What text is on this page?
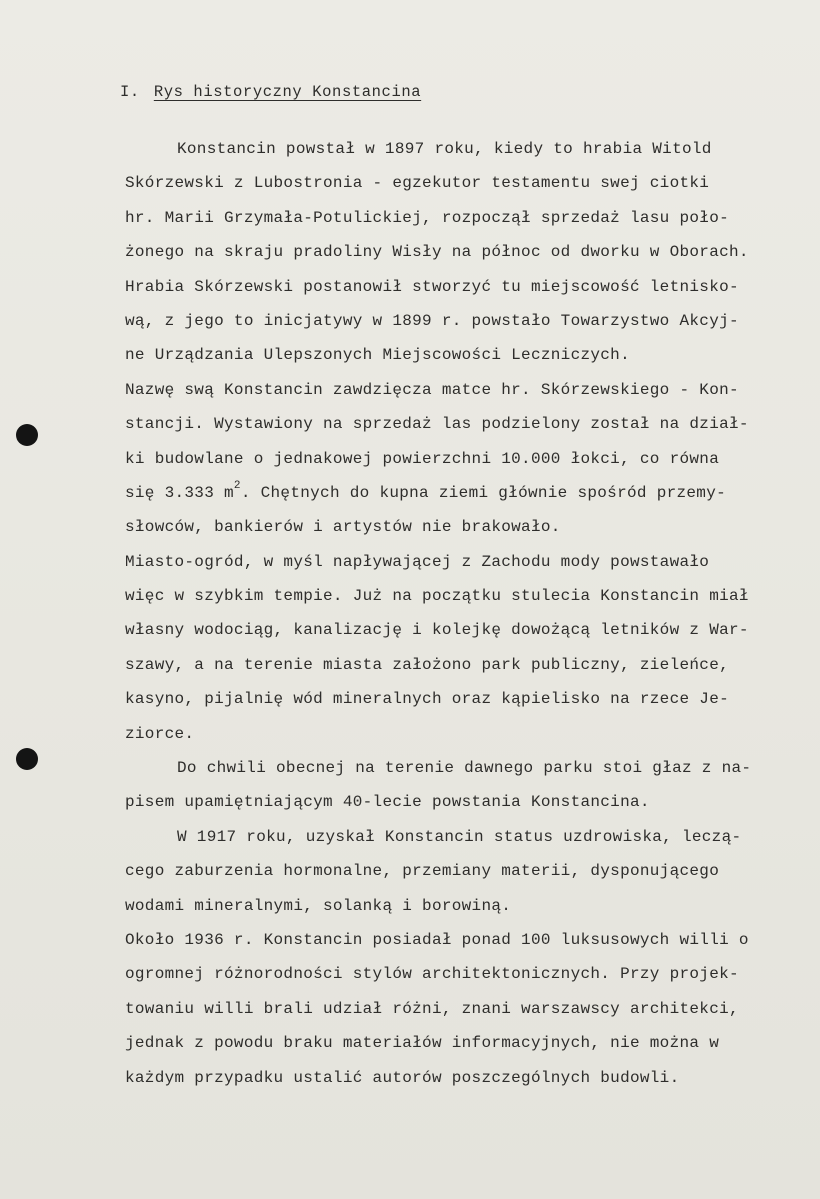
I. Rys historyczny Konstancina
Konstancin powstał w 1897 roku, kiedy to hrabia Witold
Skórzewski z Lubostronia - egzekutor testamentu swej ciotki
hr. Marii Grzymała-Potulickiej, rozpoczął sprzedaż lasu poło-
żonego na skraju pradoliny Wisły na północ od dworku w Oborach.
Hrabia Skórzewski postanowił stworzyć tu miejscowość letnisko-
wą, z jego to inicjatywy w 1899 r. powstało Towarzystwo Akcyj-
ne Urządzania Ulepszonych Miejscowości Leczniczych.
Nazwę swą Konstancin zawdzięcza matce hr. Skórzewskiego - Kon-
stancji. Wystawiony na sprzedaż las podzielony został na dział-
ki budowlane o jednakowej powierzchni 10.000 łokci, co równa
się 3.333 $m^2$. Chętnych do kupna ziemi głównie spośród przemy-
słowców, bankierów i artystów nie brakowało.
Miasto-ogród, w myśl napływającej z Zachodu mody powstawało
więc w szybkim tempie. Już na początku stulecia Konstancin miał
własny wodociąg, kanalizację i kolejkę dowożącą letników z War-
szawy, a na terenie miasta założono park publiczny, zieleńce,
kasyno, pijalnię wód mineralnych oraz kąpielisko na rzece Je-
ziorce.
Do chwili obecnej na terenie dawnego parku stoi głaz z na-
pisem upamiętniającym 40-lecie powstania Konstancina.
W 1917 roku, uzyskał Konstancin status uzdrowiska, leczą-
cego zaburzenia hormonalne, przemiany materii, dysponującego
wodami mineralnymi, solanką i borowiną.
Około 1936 r. Konstancin posiadał ponad 100 luksusowych willi o
ogromnej różnorodności stylów architektonicznych. Przy projek-
towaniu willi brali udział różni, znani warszawscy architekci,
jednak z powodu braku materiałów informacyjnych, nie można w
każdym przypadku ustalić autorów poszczególnych budowli.
